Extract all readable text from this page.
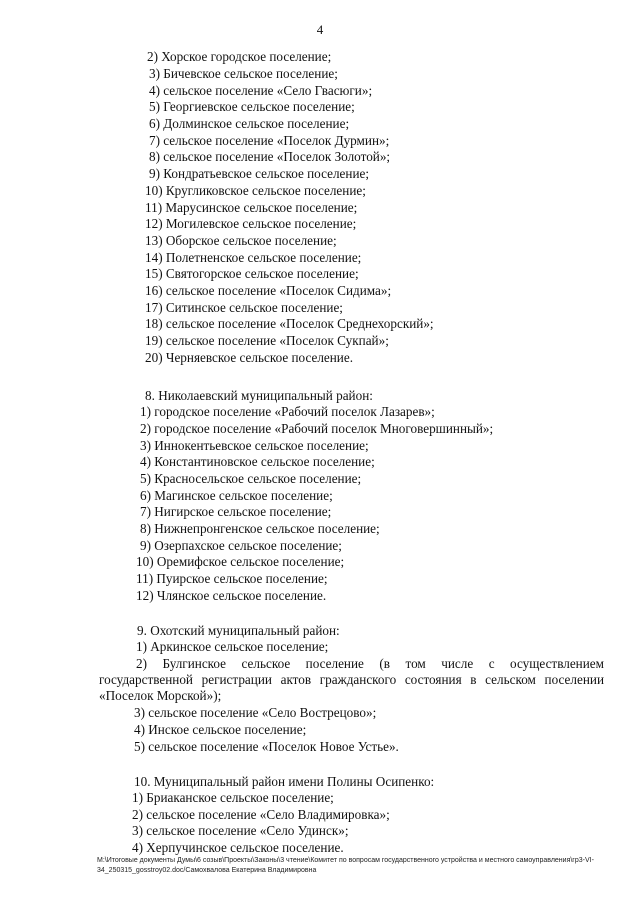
4
2) Хорское городское поселение;
3) Бичевское сельское поселение;
4) сельское поселение «Село Гвасюги»;
5) Георгиевское сельское поселение;
6) Долминское сельское поселение;
7) сельское поселение «Поселок Дурмин»;
8) сельское поселение «Поселок Золотой»;
9) Кондратьевское сельское поселение;
10) Кругликовское сельское поселение;
11) Марусинское сельское поселение;
12) Могилевское сельское поселение;
13) Оборское сельское поселение;
14) Полетненское сельское поселение;
15) Святогорское сельское поселение;
16) сельское поселение «Поселок Сидима»;
17) Ситинское сельское поселение;
18) сельское поселение «Поселок Среднехорский»;
19) сельское поселение «Поселок Сукпай»;
20) Черняевское сельское поселение.
8. Николаевский муниципальный район:
1) городское поселение «Рабочий поселок Лазарев»;
2) городское поселение «Рабочий поселок Многовершинный»;
3) Иннокентьевское сельское поселение;
4) Константиновское сельское поселение;
5) Красносельское сельское поселение;
6) Магинское сельское поселение;
7) Нигирское сельское поселение;
8) Нижнепронгенское сельское поселение;
9) Озерпахское сельское поселение;
10) Оремифское сельское поселение;
11) Пуирское сельское поселение;
12) Члянское сельское поселение.
9. Охотский муниципальный район:
1) Аркинское сельское поселение;
2) Булгинское сельское поселение (в том числе с осуществлением
государственной регистрации актов гражданского состояния в сельском поселении
«Поселок Морской»);
3) сельское поселение «Село Вострецово»;
4) Инское сельское поселение;
5) сельское поселение «Поселок Новое Устье».
10. Муниципальный район имени Полины Осипенко:
1) Бриаканское сельское поселение;
2) сельское поселение «Село Владимировка»;
3) сельское поселение «Село Удинск»;
4) Херпучинское сельское поселение.
M:\Итоговые документы Думы\6 созыв\Проекты\Законы\3 чтение\Комитет по вопросам государственного устройства и местного самоуправления\гр3-VI-
34_250315_gosstroy02.doc/Самохвалова Екатерина Владимировна
